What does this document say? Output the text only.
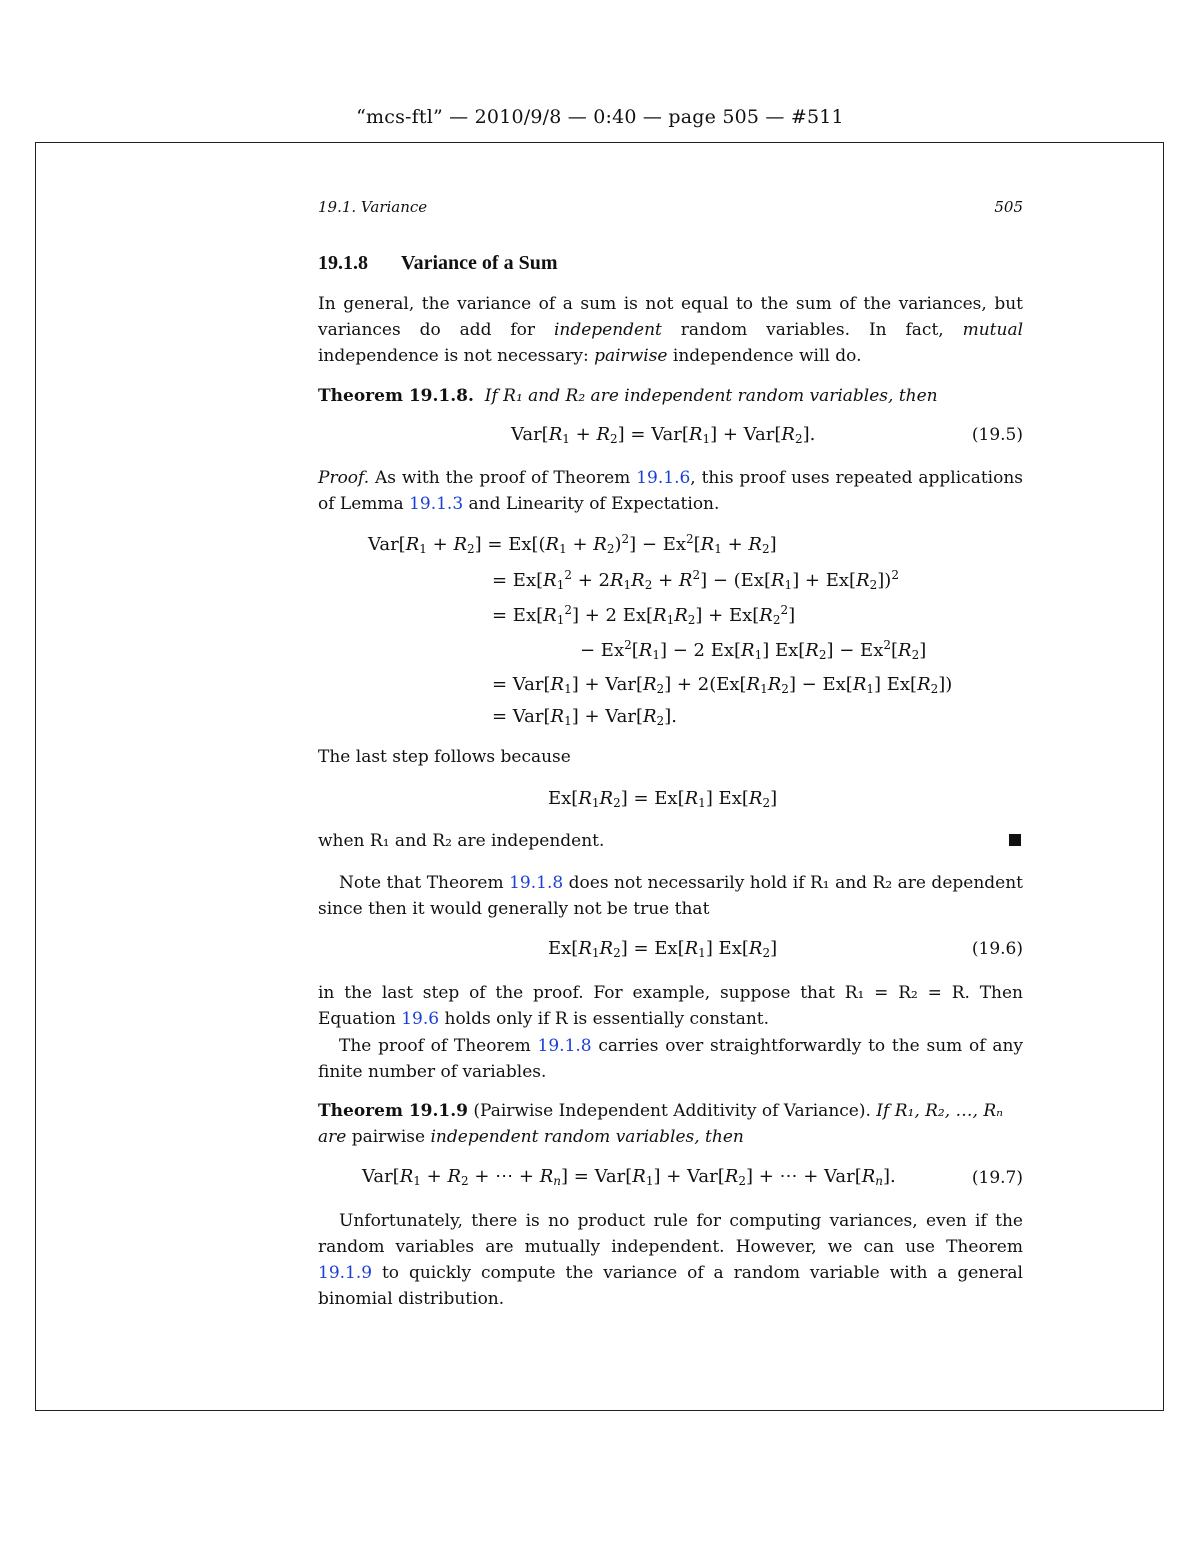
“mcs-ftl” — 2010/9/8 — 0:40 — page 505 — #511
19.1. Variance	505
19.1.8 Variance of a Sum
In general, the variance of a sum is not equal to the sum of the variances, but variances do add for independent random variables. In fact, mutual independence is not necessary: pairwise independence will do.
Theorem 19.1.8. If R₁ and R₂ are independent random variables, then
$Var[R_1 + R_2] = Var[R_1] + Var[R_2]$.	(19.5)
Proof. As with the proof of Theorem 19.1.6, this proof uses repeated applications of Lemma 19.1.3 and Linearity of Expectation.
$Var[R_1 + R_2] = Ex[(R_1 + R_2)^2] - Ex^2[R_1 + R_2]$
= $Ex[R_1^2 + 2R_1R_2 + R^2] - (Ex[R_1] + Ex[R_2])^2$
= $Ex[R_1^2] + 2$ $Ex[R_1R_2] + Ex[R_2^2]$
− $Ex^2[R_1] - 2$ $Ex[R_1] Ex[R_2] - Ex^2[R_2]$
= $Var[R_1] + Var[R_2] + 2(Ex[R_1R_2] - Ex[R_1]$ $Ex[R_2]$)
= $Var[R_1] + Var[R_2]$.
The last step follows because
$Ex[R_1R_2] = Ex[R_1]$ $Ex[R_2]$
when R₁ and R₂ are independent.
Note that Theorem 19.1.8 does not necessarily hold if R₁ and R₂ are dependent since then it would generally not be true that
$Ex[R_1R_2] = Ex[R_1]$ $Ex[R_2]$	(19.6)
in the last step of the proof. For example, suppose that R₁ = R₂ = R. Then Equation 19.6 holds only if R is essentially constant.
The proof of Theorem 19.1.8 carries over straightforwardly to the sum of any finite number of variables.
Theorem 19.1.9 (Pairwise Independent Additivity of Variance). If R₁, R₂, …, Rₙ
are pairwise independent random variables, then
$Var[R_1 + R_2$ + ⋯ + $R_n] = Var[R_1] + Var[R_2]$ + ⋯ + $Var[R_n]$.	(19.7)
Unfortunately, there is no product rule for computing variances, even if the random variables are mutually independent. However, we can use Theorem 19.1.9 to quickly compute the variance of a random variable with a general binomial distribution.
